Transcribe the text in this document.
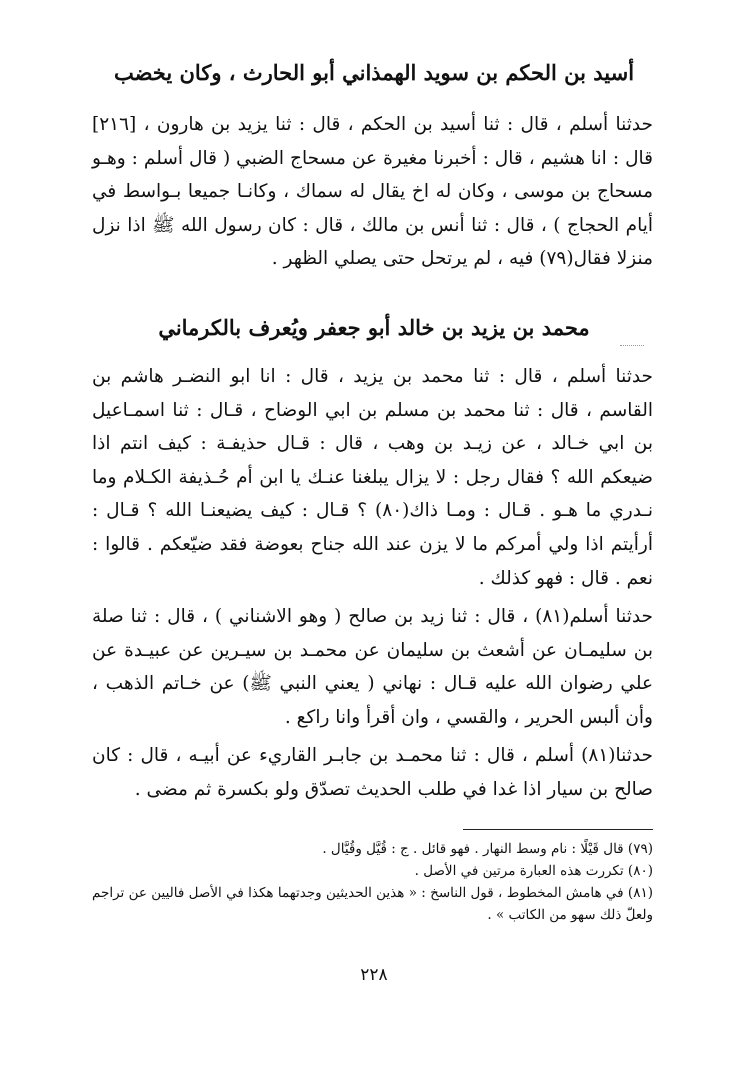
أسيد بن الحكم بن سويد الهمذاني أبو الحارث ، وكان يخضب

حدثنا أسلم ، قال : ثنا أسيد بن الحكم ، قال : ثنا يزيد بن هارون ، [٢١٦] قال : انا هشيم ، قال : أخبرنا مغيرة عن مسحاج الضبي ( قال أسلم : وهـو مسحاج بن موسى ، وكان له اخ يقال له سماك ، وكانـا جميعا بـواسط في أيام الحجاج ) ، قال : ثنا أنس بن مالك ، قال : كان رسول الله ﷺ اذا نزل منزلا فقال(٧٩) فيه ، لم يرتحل حتى يصلي الظهر .

محمد بن يزيد بن خالد أبو جعفر ويُعرف بالكرماني

حدثنا أسلم ، قال : ثنا محمد بن يزيد ، قال : انا ابو النضـر هاشم بن القاسم ، قال : ثنا محمد بن مسلم بن ابي الوضاح ، قـال : ثنا اسمـاعيل بن ابي خـالد ، عن زيـد بن وهب ، قال : قـال حذيفـة : كيف انتم اذا ضيعكم الله ؟ فقال رجل : لا يزال يبلغنا عنـك يا ابن أم حُـذيفة الكـلام وما نـدري ما هـو . قـال : ومـا ذاك(٨٠) ؟ قـال : كيف يضيعنـا الله ؟ قـال : أرأيتم اذا ولي أمركم ما لا يزن عند الله جناح بعوضة فقد ضيّعكم . قالوا : نعم . قال : فهو كذلك .

حدثنا أسلم(٨١) ، قال : ثنا زيد بن صالح ( وهو الاشناني ) ، قال : ثنا صلة بن سليمـان عن أشعث بن سليمان عن محمـد بن سيـرين عن عبيـدة عن علي رضوان الله عليه قـال : نهاني ( يعني النبي ﷺ) عن خـاتم الذهب ، وأن ألبس الحرير ، والقسي ، وان أقرأ وانا راكع .

حدثنا(٨١) أسلم ، قال : ثنا محمـد بن جابـر القاريء عن أبيـه ، قال : كان صالح بن سيار اذا غدا في طلب الحديث تصدّق ولو بكسرة ثم مضى .

(٧٩) قال قَيْلًا : نام وسط النهار . فهو قائل . ج : قُيَّل وقُيَّال .

(٨٠) تكررت هذه العبارة مرتين في الأصل .

(٨١) في هامش المخطوط ، قول الناسخ : « هذين الحديثين وجدتهما هكذا في الأصل فاليين عن تراجم ولعلّ ذلك سهو من الكاتب » .

٢٢٨
